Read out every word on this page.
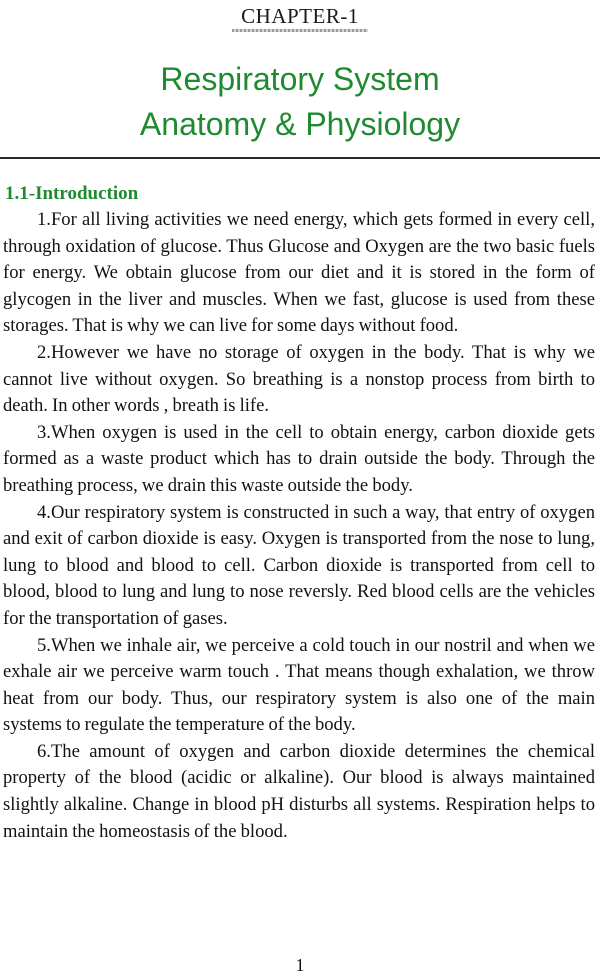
CHAPTER-1
Respiratory System
Anatomy & Physiology
1.1-Introduction

1.For all living activities we need energy, which gets formed in every cell, through oxidation of glucose. Thus Glucose and Oxygen are the two basic fuels for energy. We obtain glucose from our diet and it is stored in the form of glycogen in the liver and muscles. When we fast, glucose is used from these storages. That is why we can live for some days without food.

2.However we have no storage of oxygen in the body. That is why we cannot live without oxygen. So breathing is a nonstop process from birth to death. In other words , breath is life.

3.When oxygen is used in the cell to obtain energy, carbon dioxide gets formed as a waste product which has to drain outside the body. Through the breathing process, we drain this waste outside the body.

4.Our respiratory system is constructed in such a way, that entry of oxygen and exit of carbon dioxide is easy. Oxygen is transported from the nose to lung, lung to blood and blood to cell. Carbon dioxide is transported from cell to blood, blood to lung and lung to nose reversly. Red blood cells are the vehicles for the transportation of gases.

5.When we inhale air, we perceive a cold touch in our nostril and when we exhale air we perceive warm touch . That means though exhalation, we throw heat from our body. Thus, our respiratory system is also one of the main systems to regulate the temperature of the body.

6.The amount of oxygen and carbon dioxide determines the chemical property of the blood (acidic or alkaline). Our blood is always maintained slightly alkaline. Change in blood pH disturbs all systems. Respiration helps to maintain the homeostasis of the blood.

1
